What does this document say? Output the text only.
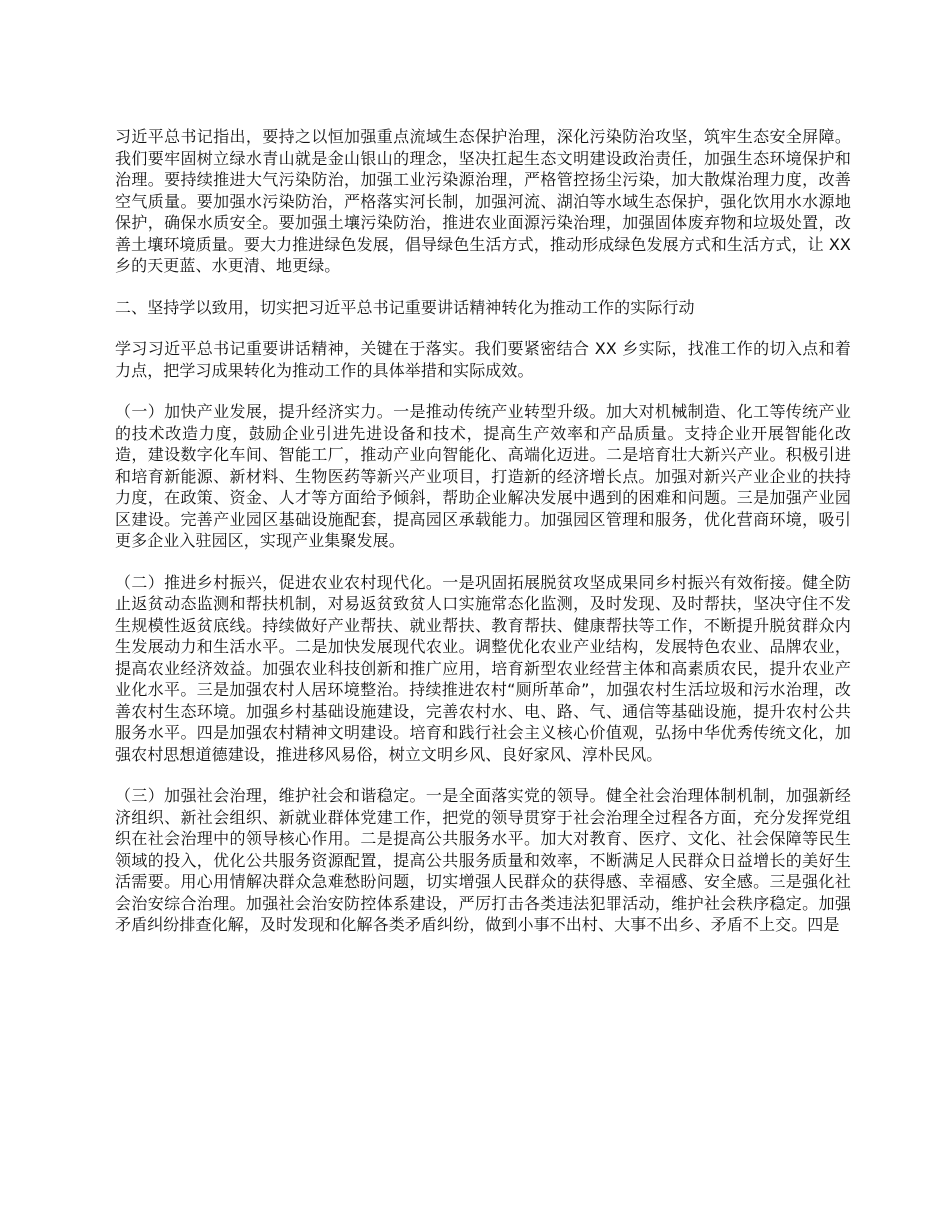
习近平总书记指出，要持之以恒加强重点流域生态保护治理，深化污染防治攻坚，筑牢生态安全屏障。我们要牢固树立绿水青山就是金山银山的理念，坚决扛起生态文明建设政治责任，加强生态环境保护和治理。要持续推进大气污染防治，加强工业污染源治理，严格管控扬尘污染，加大散煤治理力度，改善空气质量。要加强水污染防治，严格落实河长制，加强河流、湖泊等水域生态保护，强化饮用水水源地保护，确保水质安全。要加强土壤污染防治，推进农业面源污染治理，加强固体废弃物和垃圾处置，改善土壤环境质量。要大力推进绿色发展，倡导绿色生活方式，推动形成绿色发展方式和生活方式，让 XX 乡的天更蓝、水更清、地更绿。

二、坚持学以致用，切实把习近平总书记重要讲话精神转化为推动工作的实际行动

学习习近平总书记重要讲话精神，关键在于落实。我们要紧密结合 XX 乡实际，找准工作的切入点和着力点，把学习成果转化为推动工作的具体举措和实际成效。

（一）加快产业发展，提升经济实力。一是推动传统产业转型升级。加大对机械制造、化工等传统产业的技术改造力度，鼓励企业引进先进设备和技术，提高生产效率和产品质量。支持企业开展智能化改造，建设数字化车间、智能工厂，推动产业向智能化、高端化迈进。二是培育壮大新兴产业。积极引进和培育新能源、新材料、生物医药等新兴产业项目，打造新的经济增长点。加强对新兴产业企业的扶持力度，在政策、资金、人才等方面给予倾斜，帮助企业解决发展中遇到的困难和问题。三是加强产业园区建设。完善产业园区基础设施配套，提高园区承载能力。加强园区管理和服务，优化营商环境，吸引更多企业入驻园区，实现产业集聚发展。

（二）推进乡村振兴，促进农业农村现代化。一是巩固拓展脱贫攻坚成果同乡村振兴有效衔接。健全防止返贫动态监测和帮扶机制，对易返贫致贫人口实施常态化监测，及时发现、及时帮扶，坚决守住不发生规模性返贫底线。持续做好产业帮扶、就业帮扶、教育帮扶、健康帮扶等工作，不断提升脱贫群众内生发展动力和生活水平。二是加快发展现代农业。调整优化农业产业结构，发展特色农业、品牌农业，提高农业经济效益。加强农业科技创新和推广应用，培育新型农业经营主体和高素质农民，提升农业产业化水平。三是加强农村人居环境整治。持续推进农村“厕所革命”，加强农村生活垃圾和污水治理，改善农村生态环境。加强乡村基础设施建设，完善农村水、电、路、气、通信等基础设施，提升农村公共服务水平。四是加强农村精神文明建设。培育和践行社会主义核心价值观，弘扬中华优秀传统文化，加强农村思想道德建设，推进移风易俗，树立文明乡风、良好家风、淳朴民风。

（三）加强社会治理，维护社会和谐稳定。一是全面落实党的领导。健全社会治理体制机制，加强新经济组织、新社会组织、新就业群体党建工作，把党的领导贯穿于社会治理全过程各方面，充分发挥党组织在社会治理中的领导核心作用。二是提高公共服务水平。加大对教育、医疗、文化、社会保障等民生领域的投入，优化公共服务资源配置，提高公共服务质量和效率，不断满足人民群众日益增长的美好生活需要。用心用情解决群众急难愁盼问题，切实增强人民群众的获得感、幸福感、安全感。三是强化社会治安综合治理。加强社会治安防控体系建设，严厉打击各类违法犯罪活动，维护社会秩序稳定。加强矛盾纠纷排查化解，及时发现和化解各类矛盾纠纷，做到小事不出村、大事不出乡、矛盾不上交。四是
